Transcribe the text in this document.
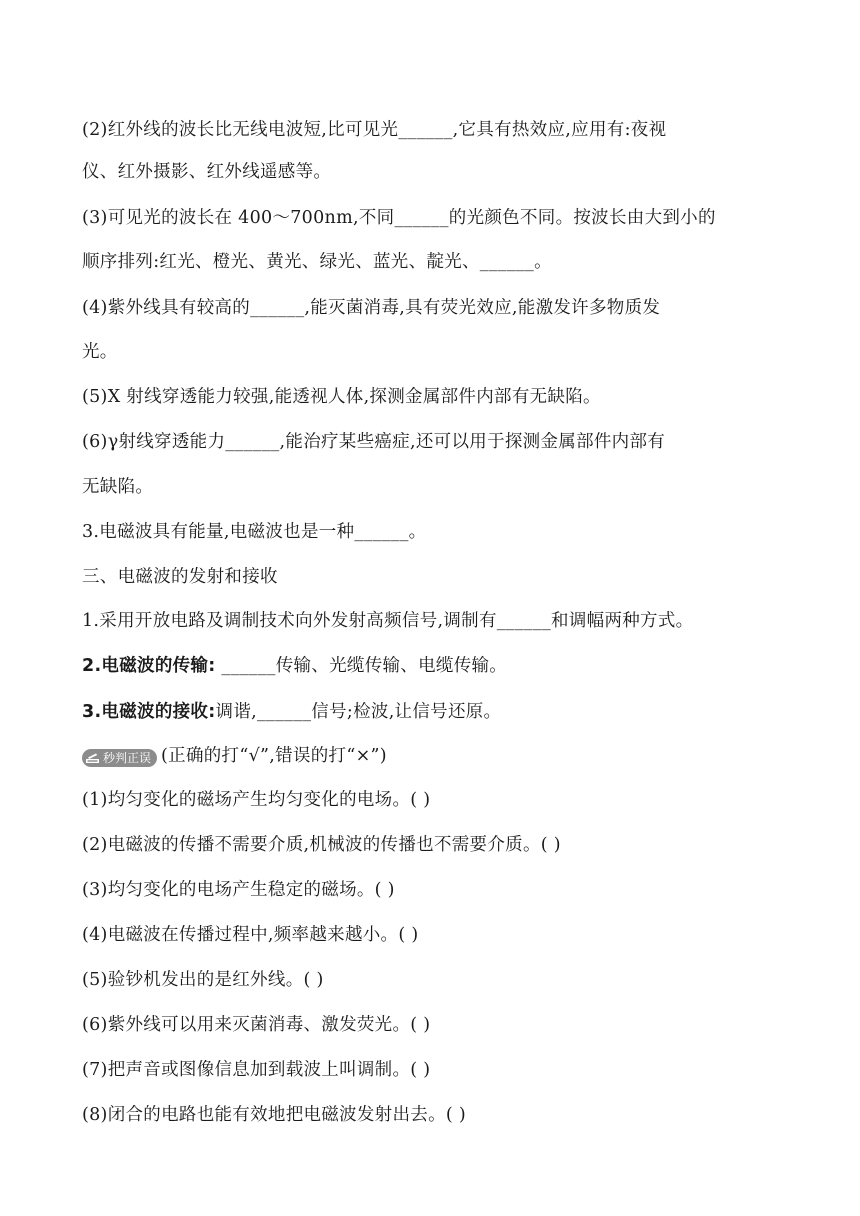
(2)红外线的波长比无线电波短,比可见光______,它具有热效应,应用有:夜视
仪、红外摄影、红外线遥感等。
(3)可见光的波长在 400～700nm,不同______的光颜色不同。按波长由大到小的
顺序排列:红光、橙光、黄光、绿光、蓝光、靛光、______。
(4)紫外线具有较高的______,能灭菌消毒,具有荧光效应,能激发许多物质发
光。
(5)X 射线穿透能力较强,能透视人体,探测金属部件内部有无缺陷。
(6)γ射线穿透能力______,能治疗某些癌症,还可以用于探测金属部件内部有
无缺陷。
3.电磁波具有能量,电磁波也是一种______。
三、电磁波的发射和接收
1.采用开放电路及调制技术向外发射高频信号,调制有______和调幅两种方式。
2.电磁波的传输: ______传输、光缆传输、电缆传输。
3.电磁波的接收:调谐,______信号;检波,让信号还原。
秒判正误 (正确的打“√”,错误的打“×”)
(1)均匀变化的磁场产生均匀变化的电场。( )
(2)电磁波的传播不需要介质,机械波的传播也不需要介质。( )
(3)均匀变化的电场产生稳定的磁场。( )
(4)电磁波在传播过程中,频率越来越小。( )
(5)验钞机发出的是红外线。( )
(6)紫外线可以用来灭菌消毒、激发荧光。( )
(7)把声音或图像信息加到载波上叫调制。( )
(8)闭合的电路也能有效地把电磁波发射出去。( )
